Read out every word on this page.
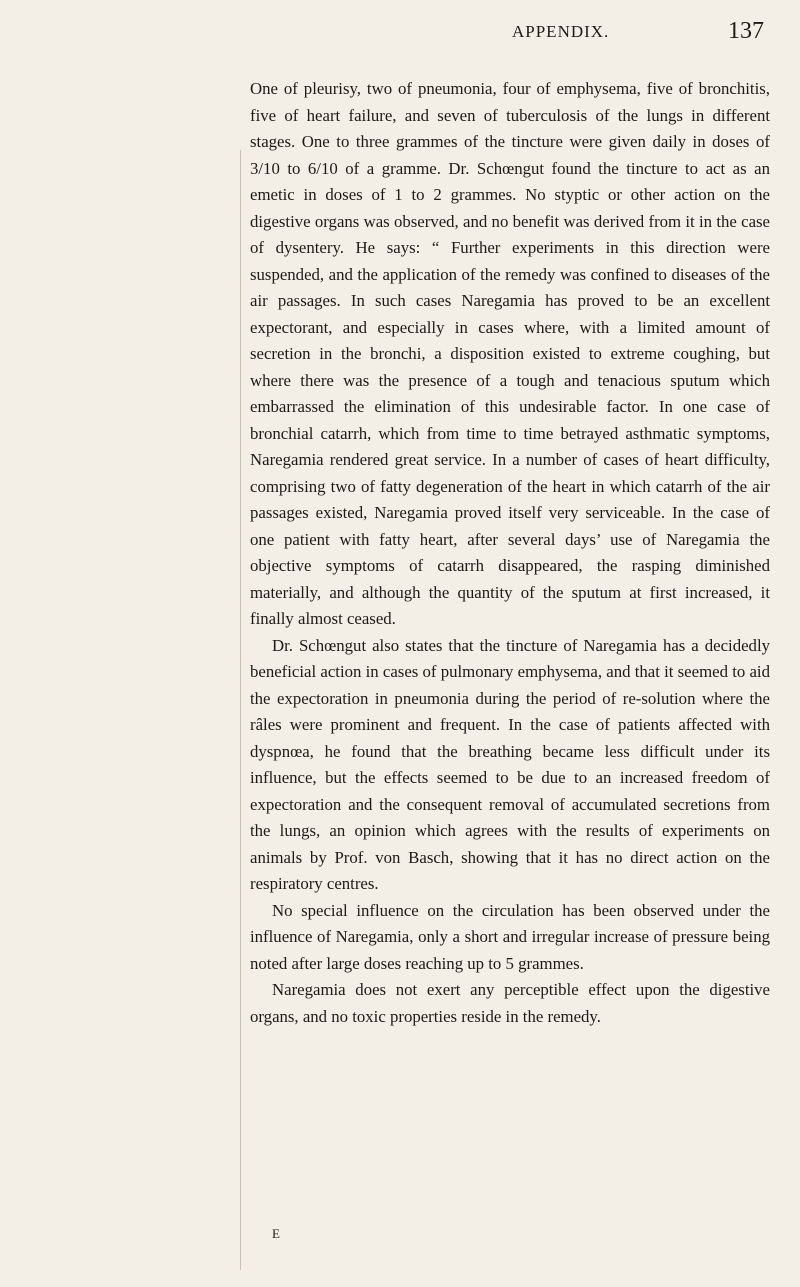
APPENDIX.	137

One of pleurisy, two of pneumonia, four of emphysema, five of bronchitis, five of heart failure, and seven of tuberculosis of the lungs in different stages. One to three grammes of the tincture were given daily in doses of 3/10 to 6/10 of a gramme. Dr. Schœngut found the tincture to act as an emetic in doses of 1 to 2 grammes. No styptic or other action on the digestive organs was observed, and no benefit was derived from it in the case of dysentery. He says: “ Further experiments in this direction were suspended, and the application of the remedy was confined to diseases of the air passages. In such cases Naregamia has proved to be an excellent expectorant, and especially in cases where, with a limited amount of secretion in the bronchi, a disposition existed to extreme coughing, but where there was the presence of a tough and tenacious sputum which embarrassed the elimination of this undesirable factor. In one case of bronchial catarrh, which from time to time betrayed asthmatic symptoms, Naregamia rendered great service. In a number of cases of heart difficulty, comprising two of fatty degeneration of the heart in which catarrh of the air passages existed, Naregamia proved itself very serviceable. In the case of one patient with fatty heart, after several days’ use of Naregamia the objective symptoms of catarrh disappeared, the rasping diminished materially, and although the quantity of the sputum at first increased, it finally almost ceased.

Dr. Schœngut also states that the tincture of Naregamia has a decidedly beneficial action in cases of pulmonary emphysema, and that it seemed to aid the expectoration in pneumonia during the period of re-solution where the râles were prominent and frequent. In the case of patients affected with dyspnœa, he found that the breathing became less difficult under its influence, but the effects seemed to be due to an increased freedom of expectoration and the consequent removal of accumulated secretions from the lungs, an opinion which agrees with the results of experiments on animals by Prof. von Basch, showing that it has no direct action on the respiratory centres.

No special influence on the circulation has been observed under the influence of Naregamia, only a short and irregular increase of pressure being noted after large doses reaching up to 5 grammes.

Naregamia does not exert any perceptible effect upon the digestive organs, and no toxic properties reside in the remedy.

E
